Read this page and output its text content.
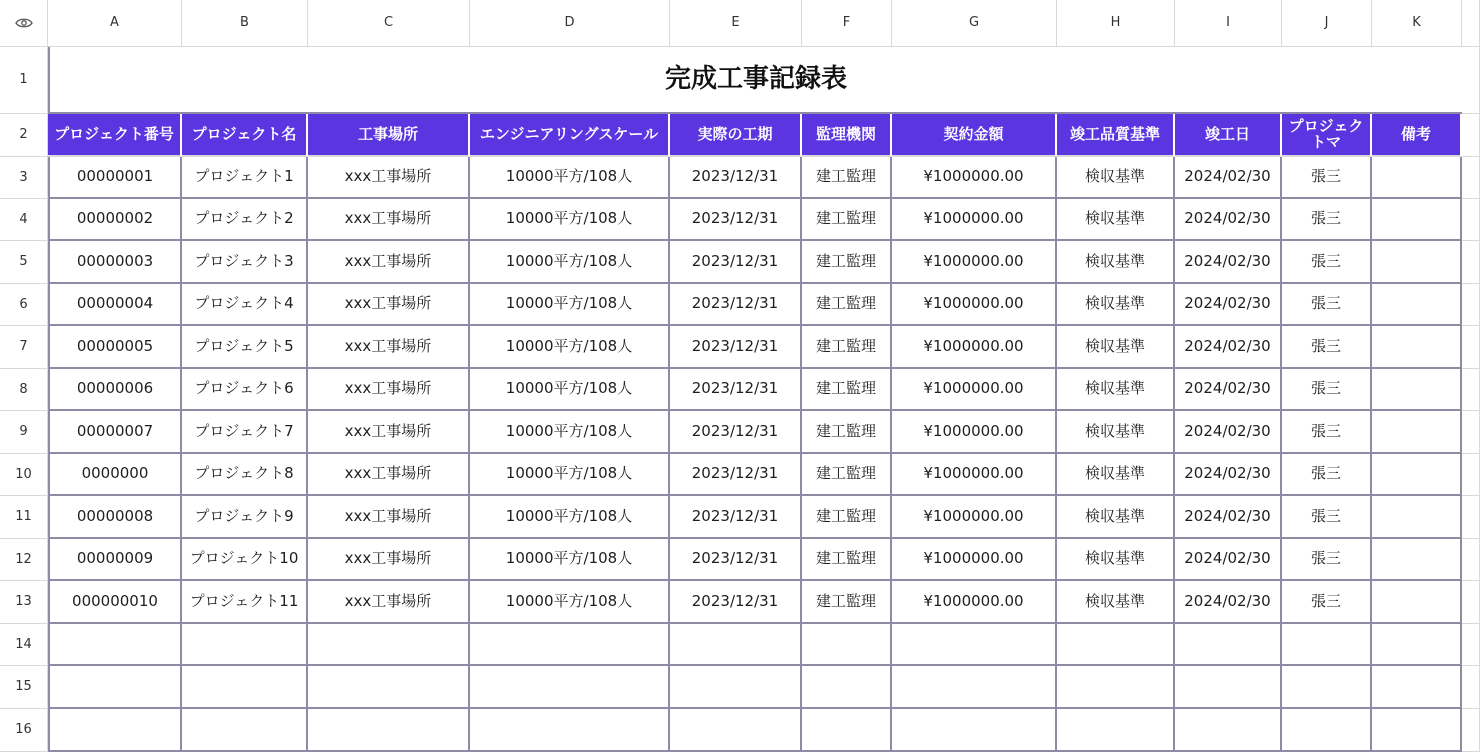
A	B	C	D	E	F	G	H	I	J	K
1
2
3
4
5
6
7
8
9
10
11
12
13
14
15
16
完成工事記録表
プロジェクト番号	プロジェクト名	工事場所	エンジニアリングスケール	実際の工期	監理機関	契約金額	竣工品質基準	竣工日	プロジェクトマ	備考
00000001	プロジェクト1	xxx工事場所	10000平方/108人	2023/12/31	建工監理	¥1000000.00	検収基準	2024/02/30	張三
00000002	プロジェクト2	xxx工事場所	10000平方/108人	2023/12/31	建工監理	¥1000000.00	検収基準	2024/02/30	張三
00000003	プロジェクト3	xxx工事場所	10000平方/108人	2023/12/31	建工監理	¥1000000.00	検収基準	2024/02/30	張三
00000004	プロジェクト4	xxx工事場所	10000平方/108人	2023/12/31	建工監理	¥1000000.00	検収基準	2024/02/30	張三
00000005	プロジェクト5	xxx工事場所	10000平方/108人	2023/12/31	建工監理	¥1000000.00	検収基準	2024/02/30	張三
00000006	プロジェクト6	xxx工事場所	10000平方/108人	2023/12/31	建工監理	¥1000000.00	検収基準	2024/02/30	張三
00000007	プロジェクト7	xxx工事場所	10000平方/108人	2023/12/31	建工監理	¥1000000.00	検収基準	2024/02/30	張三
0000000	プロジェクト8	xxx工事場所	10000平方/108人	2023/12/31	建工監理	¥1000000.00	検収基準	2024/02/30	張三
00000008	プロジェクト9	xxx工事場所	10000平方/108人	2023/12/31	建工監理	¥1000000.00	検収基準	2024/02/30	張三
00000009	プロジェクト10	xxx工事場所	10000平方/108人	2023/12/31	建工監理	¥1000000.00	検収基準	2024/02/30	張三
000000010	プロジェクト11	xxx工事場所	10000平方/108人	2023/12/31	建工監理	¥1000000.00	検収基準	2024/02/30	張三
